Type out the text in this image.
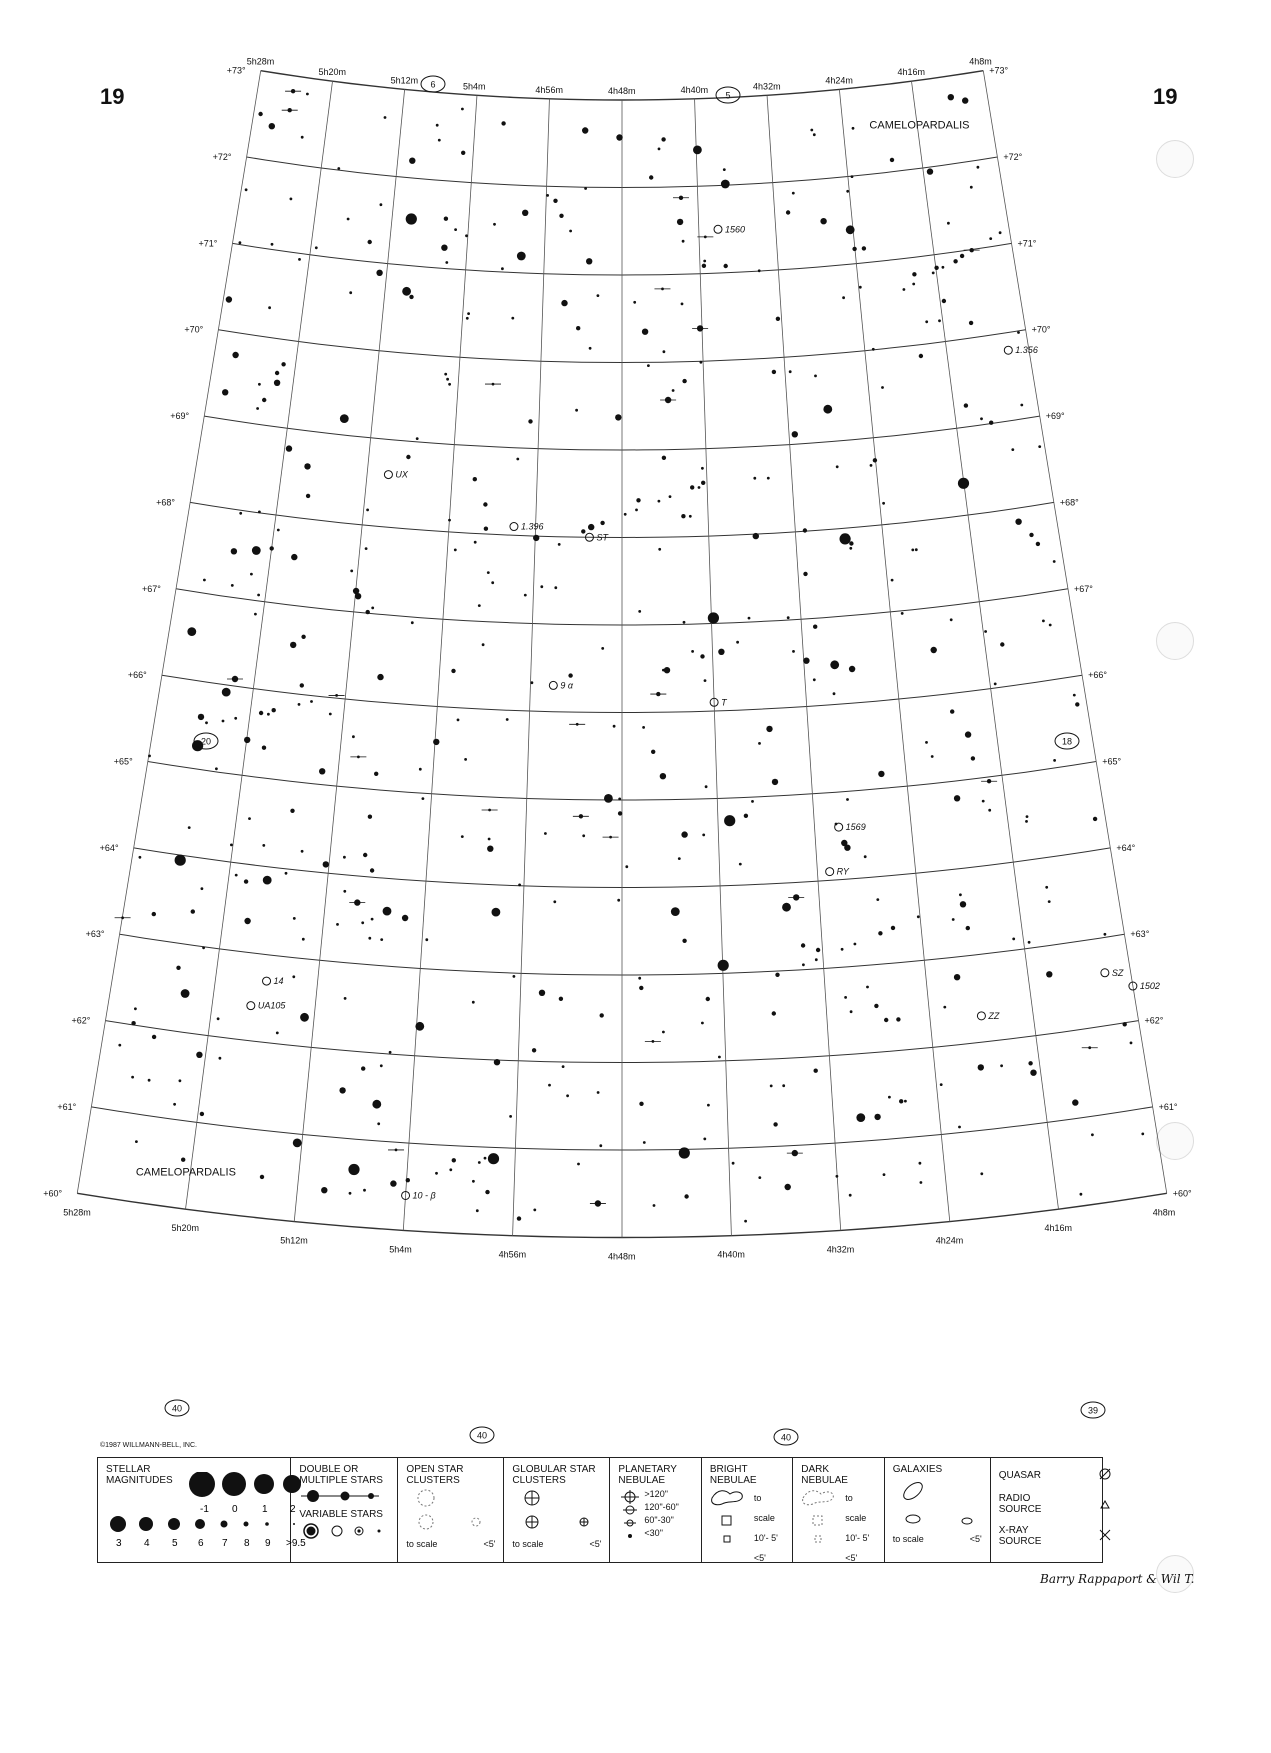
19	19
5h28m
5h20m
5h12m
5h4m	4h56m	4h48m	4h40m	4h32m
4h24m
4h16m
4h8m
5h28m
5h20m
5h12m
5h4m
4h56m	4h48m	4h40m
4h32m
4h24m
4h16m
4h8m
+73°	+73°
+72°	+72°
+71°	+71°
+70°	+70°
+69°	+69°
+68°	+68°
+67°	+67°
+66°	+66°
+65°	+65°
+64°	+64°
+63°	+63°
+62°	+62°
+61°	+61°
+60°	+60°
CAMELOPARDALIS
CAMELOPARDALIS
6
5
20	18
40
40	40
39
1560
1.356
UX
1.396
ST
9 α
T
1569
RY
14
UA105
ZZ
SZ
1502
10 - β
©1987 WILLMANN-BELL, INC.
STELLAR MAGNITUDES
-1 0 1 2
3 4 5 6 7 8 9 >9.5
DOUBLE OR MULTIPLE STARS
VARIABLE STARS
OPEN STAR CLUSTERS
to scale	<5'
GLOBULAR STAR CLUSTERS
to scale	<5'
PLANETARY NEBULAE
>120"
120"-60"
60"-30"
<30"
BRIGHT NEBULAE
to scale
10'- 5'
<5'
DARK NEBULAE
to scale
10'- 5'
<5'
GALAXIES
to scale	<5'
QUASAR
RADIO SOURCE
X-RAY SOURCE
Barry Rappaport & Wil T.
